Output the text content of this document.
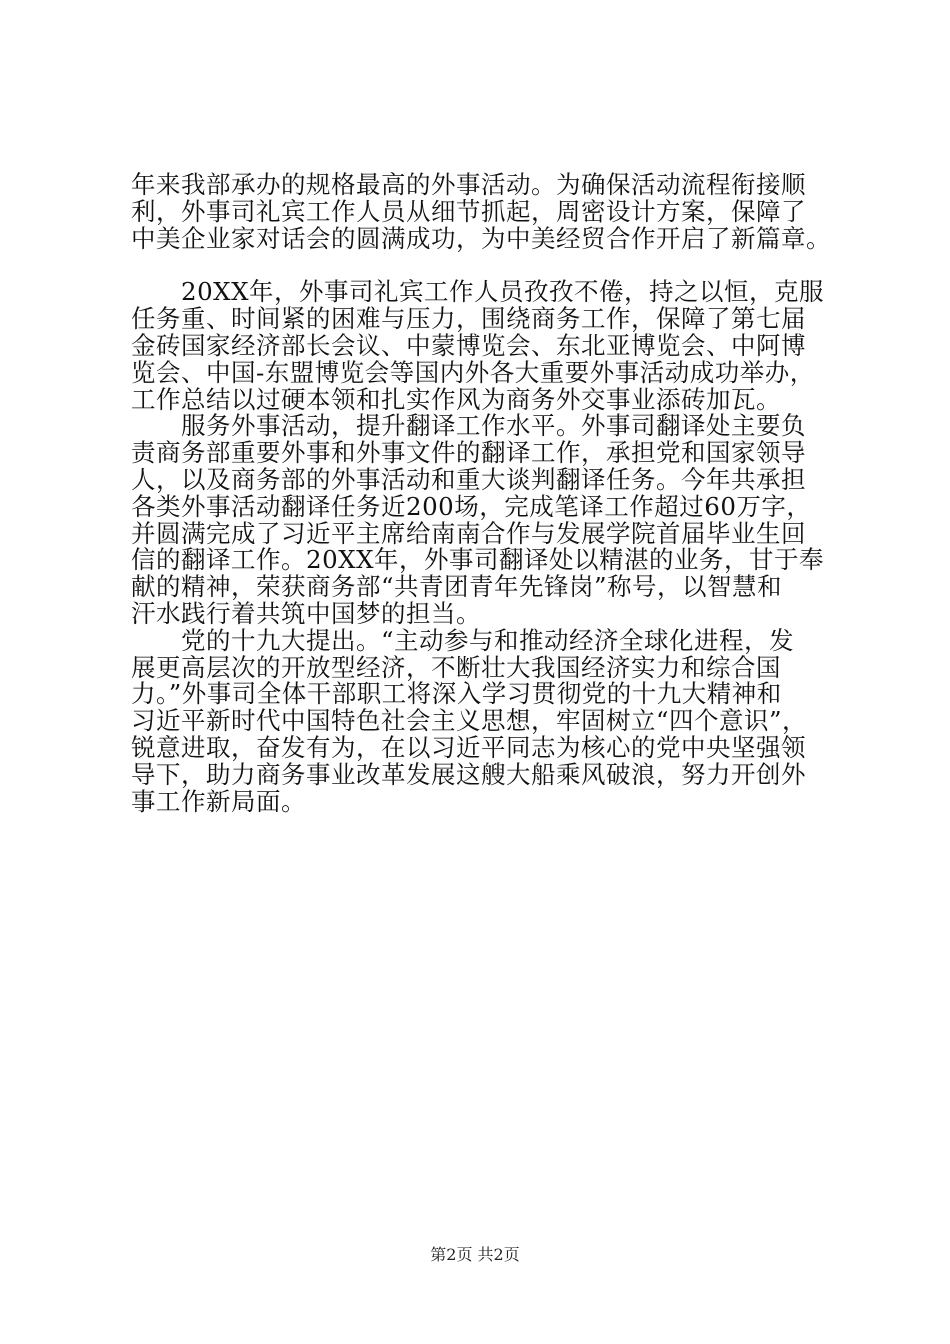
年来我部承办的规格最高的外事活动。为确保活动流程衔接顺
利，外事司礼宾工作人员从细节抓起，周密设计方案，保障了
中美企业家对话会的圆满成功，为中美经贸合作开启了新篇章。
　　20XX年，外事司礼宾工作人员孜孜不倦，持之以恒，克服
任务重、时间紧的困难与压力，围绕商务工作，保障了第七届
金砖国家经济部长会议、中蒙博览会、东北亚博览会、中阿博
览会、中国-东盟博览会等国内外各大重要外事活动成功举办，
工作总结以过硬本领和扎实作风为商务外交事业添砖加瓦。
　　服务外事活动，提升翻译工作水平。外事司翻译处主要负
责商务部重要外事和外事文件的翻译工作，承担党和国家领导
人，以及商务部的外事活动和重大谈判翻译任务。今年共承担
各类外事活动翻译任务近200场，完成笔译工作超过60万字，
并圆满完成了习近平主席给南南合作与发展学院首届毕业生回
信的翻译工作。20XX年，外事司翻译处以精湛的业务，甘于奉
献的精神，荣获商务部“共青团青年先锋岗”称号，以智慧和
汗水践行着共筑中国梦的担当。
　　党的十九大提出。“主动参与和推动经济全球化进程，发
展更高层次的开放型经济，不断壮大我国经济实力和综合国
力。”外事司全体干部职工将深入学习贯彻党的十九大精神和
习近平新时代中国特色社会主义思想，牢固树立“四个意识”，
锐意进取，奋发有为，在以习近平同志为核心的党中央坚强领
导下，助力商务事业改革发展这艘大船乘风破浪，努力开创外
事工作新局面。
第2页 共2页
